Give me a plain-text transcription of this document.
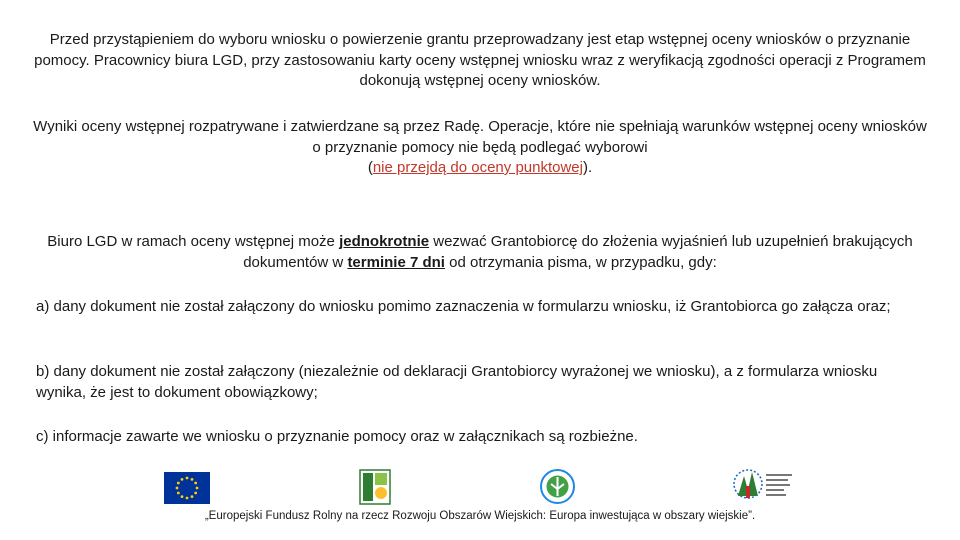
Przed przystąpieniem do wyboru wniosku o powierzenie grantu przeprowadzany jest etap wstępnej oceny wniosków o przyznanie pomocy. Pracownicy biura LGD, przy zastosowaniu karty oceny wstępnej wniosku wraz z weryfikacją zgodności operacji z Programem dokonują wstępnej oceny wniosków.

Wyniki oceny wstępnej rozpatrywane i zatwierdzane są przez Radę. Operacje, które nie spełniają warunków wstępnej oceny wniosków
o przyznanie pomocy nie będą podlegać wyborowi
(nie przejdą do oceny punktowej).

Biuro LGD w ramach oceny wstępnej może jednokrotnie wezwać Grantobiorcę do złożenia wyjaśnień lub uzupełnień brakujących dokumentów w terminie 7 dni od otrzymania pisma, w przypadku, gdy:

a) dany dokument nie został załączony do wniosku pomimo zaznaczenia w formularzu wniosku, iż Grantobiorca go załącza oraz;

b) dany dokument nie został załączony (niezależnie od deklaracji Grantobiorcy wyrażonej we wniosku), a z formularza wniosku wynika, że jest to dokument obowiązkowy;

c) informacje zawarte we wniosku o przyznanie pomocy oraz w załącznikach są rozbieżne.

„Europejski Fundusz Rolny na rzecz Rozwoju Obszarów Wiejskich: Europa inwestująca w obszary wiejskie”.
